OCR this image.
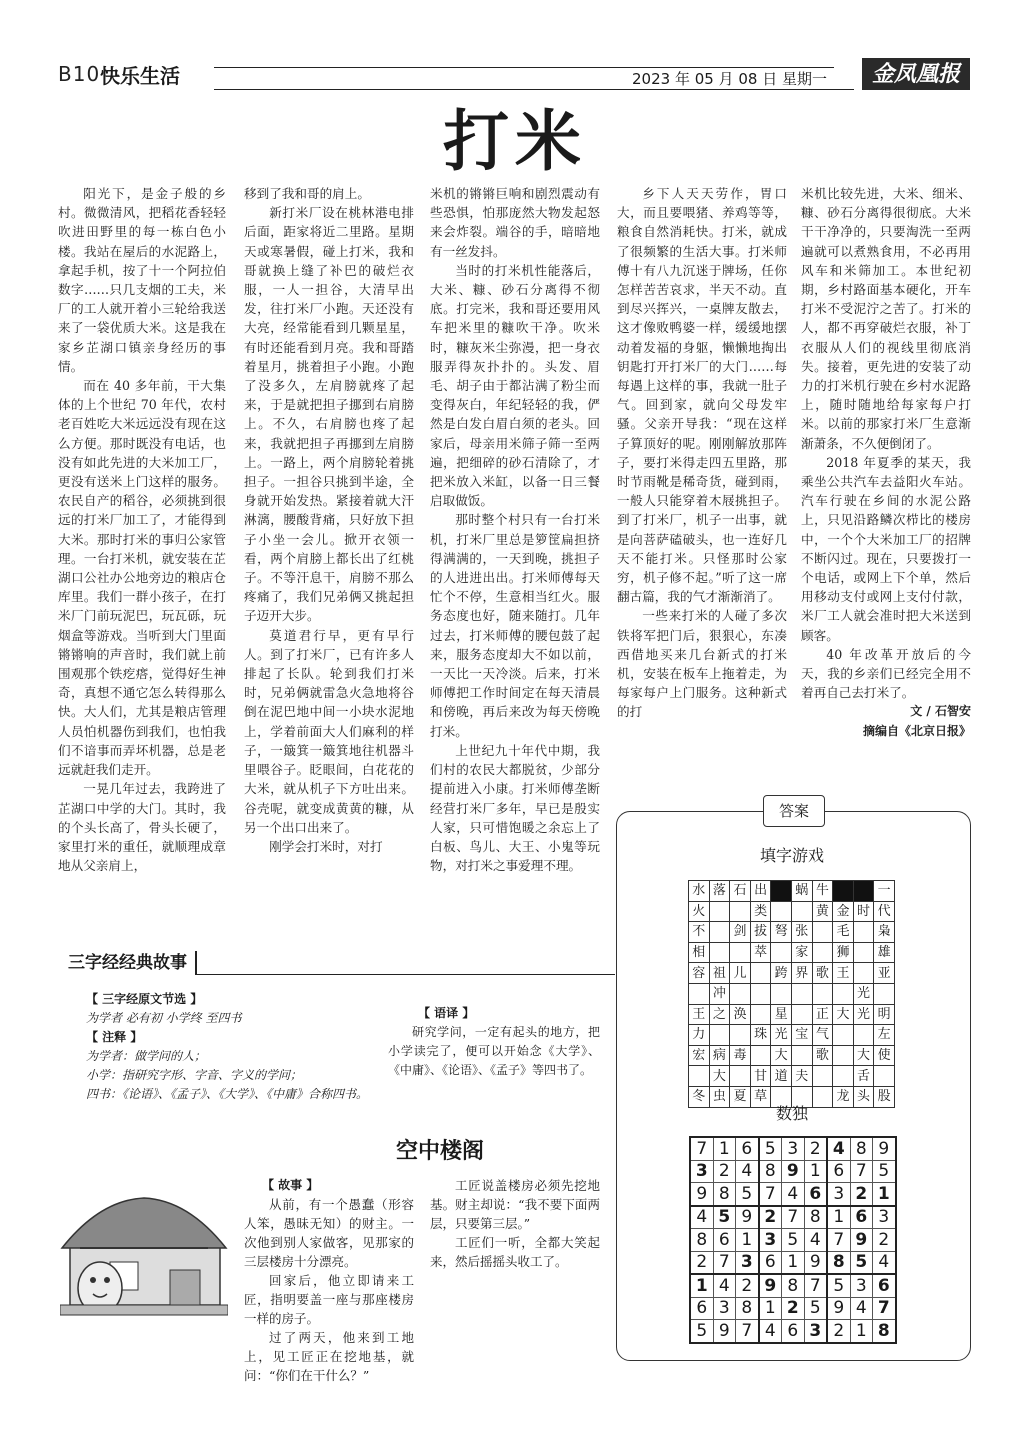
B10 快乐生活	2023 年 05 月 08 日 星期一	金凤凰报
打米

阳光下，是金子般的乡村。微微清风，把稻花香轻轻吹进田野里的每一栋白色小楼。我站在屋后的水泥路上，拿起手机，按了十一个阿拉伯数字……只几支烟的工夫，米厂的工人就开着小三轮给我送来了一袋优质大米。这是我在家乡芷湖口镇亲身经历的事情。

而在 40 多年前，干大集体的上个世纪 70 年代，农村老百姓吃大米远远没有现在这么方便。那时既没有电话，也没有如此先进的大米加工厂，更没有送米上门这样的服务。农民自产的稻谷，必须挑到很远的打米厂加工了，才能得到大米。那时打米的事归公家管理。一台打米机，就安装在芷湖口公社办公地旁边的粮店仓库里。我们一群小孩子，在打米厂门前玩泥巴，玩瓦砾，玩烟盒等游戏。当听到大门里面锵锵响的声音时，我们就上前围观那个铁疙瘩，觉得好生神奇，真想不通它怎么转得那么快。大人们，尤其是粮店管理人员怕机器伤到我们，也怕我们不谙事而弄坏机器，总是老远就赶我们走开。

一晃几年过去，我跨进了芷湖口中学的大门。其时，我的个头长高了，骨头长硬了，家里打米的重任，就顺理成章地从父亲肩上，

移到了我和哥的肩上。

新打米厂设在桃林港电排后面，距家将近二里路。星期天或寒暑假，碰上打米，我和哥就换上缝了补巴的破烂衣服，一人一担谷，大清早出发，往打米厂小跑。天还没有大亮，经常能看到几颗星星，有时还能看到月亮。我和哥踏着星月，挑着担子小跑。小跑了没多久，左肩膀就疼了起来，于是就把担子挪到右肩膀上。不久，右肩膀也疼了起来，我就把担子再挪到左肩膀上。一路上，两个肩膀轮着挑担子。一担谷只挑到半途，全身就开始发热。紧接着就大汗淋漓，腰酸背痛，只好放下担子小坐一会儿。掀开衣领一看，两个肩膀上都长出了红桃子。不等汗息干，肩膀不那么疼痛了，我们兄弟俩又挑起担子迈开大步。

莫道君行早，更有早行人。到了打米厂，已有许多人排起了长队。轮到我们打米时，兄弟俩就雷急火急地将谷倒在泥巴地中间一小块水泥地上，学着前面大人们麻利的样子，一簸箕一簸箕地往机器斗里喂谷子。眨眼间，白花花的大米，就从机子下方吐出来。谷壳呢，就变成黄黄的糠，从另一个出口出来了。

刚学会打米时，对打

米机的锵锵巨响和剧烈震动有些恐惧，怕那庞然大物发起怒来会炸裂。端谷的手，暗暗地有一丝发抖。

当时的打米机性能落后，大米、糠、砂石分离得不彻底。打完米，我和哥还要用风车把米里的糠吹干净。吹米时，糠灰米尘弥漫，把一身衣服弄得灰扑扑的。头发、眉毛、胡子由于都沾满了粉尘而变得灰白，年纪轻轻的我，俨然是白发白眉白须的老头。回家后，母亲用米筛子筛一至两遍，把细碎的砂石清除了，才把米放入米缸，以备一日三餐启取做饭。

那时整个村只有一台打米机，打米厂里总是箩筐扁担挤得满满的，一天到晚，挑担子的人进进出出。打米师傅每天忙个不停，生意相当红火。服务态度也好，随来随打。几年过去，打米师傅的腰包鼓了起来，服务态度却大不如以前，一天比一天冷淡。后来，打米师傅把工作时间定在每天清晨和傍晚，再后来改为每天傍晚打米。

上世纪九十年代中期，我们村的农民大都脱贫，少部分提前进入小康。打米师傅垄断经营打米厂多年，早已是殷实人家，只可惜饱暖之余忘上了白板、鸟儿、大王、小鬼等玩物，对打米之事爱理不理。

乡下人天天劳作，胃口大，而且要喂猪、养鸡等等，粮食自然消耗快。打米，就成了很频繁的生活大事。打米师傅十有八九沉迷于牌场，任你怎样苦苦哀求，半天不动。直到尽兴挥兴，一桌牌友散去，这才像败鸭婆一样，缓缓地摆动着发福的身躯，懒懒地掏出钥匙打开打米厂的大门……每每遇上这样的事，我就一肚子气。回到家，就向父母发牢骚。父亲开导我：“现在这样子算顶好的呢。刚刚解放那阵子，要打米得走四五里路，那时节雨靴是稀奇货，碰到雨，一般人只能穿着木屐挑担子。到了打米厂，机子一出事，就是向菩萨磕破头，也一连好几天不能打米。只怪那时公家穷，机子修不起。”听了这一席翻古篇，我的气才渐渐消了。

一些来打米的人碰了多次铁将军把门后，狠狠心，东凑西借地买来几台新式的打米机，安装在板车上拖着走，为每家每户上门服务。这种新式的打

米机比较先进，大米、细米、糠、砂石分离得很彻底。大米干干净净的，只要淘洗一至两遍就可以煮熟食用，不必再用风车和米筛加工。本世纪初期，乡村路面基本硬化，开车打米不受泥泞之苦了。打米的人，都不再穿破烂衣服，补丁衣服从人们的视线里彻底消失。接着，更先进的安装了动力的打米机行驶在乡村水泥路上，随时随地给每家每户打米。以前的那家打米厂生意渐渐萧条，不久便倒闭了。

2018 年夏季的某天，我乘坐公共汽车去益阳火车站。汽车行驶在乡间的水泥公路上，只见沿路鳞次栉比的楼房中，一个个大米加工厂的招牌不断闪过。现在，只要拨打一个电话，或网上下个单，然后用移动支付或网上支付付款，米厂工人就会准时把大米送到顾客。

40 年改革开放后的今天，我的乡亲们已经完全用不着再自己去打米了。

文 / 石智安
摘编自《北京日报》
三字经经典故事
【 三字经原文节选 】
为学者 必有初 小学终 至四书
【 注释 】
为学者：做学问的人；
小学：指研究字形、字音、字义的学问；
四书：《论语》、《孟子》、《大学》、《中庸》合称四书。
【 语译 】
研究学问，一定有起头的地方，把小学读完了，便可以开始念《大学》、《中庸》、《论语》、《孟子》等四书了。
空中楼阁
【 故事 】
从前，有一个愚蠢（形容人笨，愚昧无知）的财主。一次他到别人家做客，见那家的三层楼房十分漂亮。
回家后，他立即请来工匠，指明要盖一座与那座楼房一样的房子。
过了两天，他来到工地上，见工匠正在挖地基，就问：“你们在干什么？”
工匠说盖楼房必须先挖地基。财主却说：“我不要下面两层，只要第三层。”
工匠们一听，全都大笑起来，然后摇摇头收工了。
答案
填字游戏
水	落	石	出		蜗	牛			一
火			类			黄	金	时	代
不		剑	拔	弩	张		毛		枭
相			萃		家		狮		雄
容	祖	儿		跨	界	歌	王		亚
	冲							光	
王	之	涣		星		正	大	光	明
力			珠	光	宝	气			左
宏	病	毒		大		歌		大	使
	大		甘	道	夫			舌	
冬	虫	夏	草				龙	头	股
数独
7	1	6	5	3	2	4	8	9
3	2	4	8	9	1	6	7	5
9	8	5	7	4	6	3	2	1
4	5	9	2	7	8	1	6	3
8	6	1	3	5	4	7	9	2
2	7	3	6	1	9	8	5	4
1	4	2	9	8	7	5	3	6
6	3	8	1	2	5	9	4	7
5	9	7	4	6	3	2	1	8
